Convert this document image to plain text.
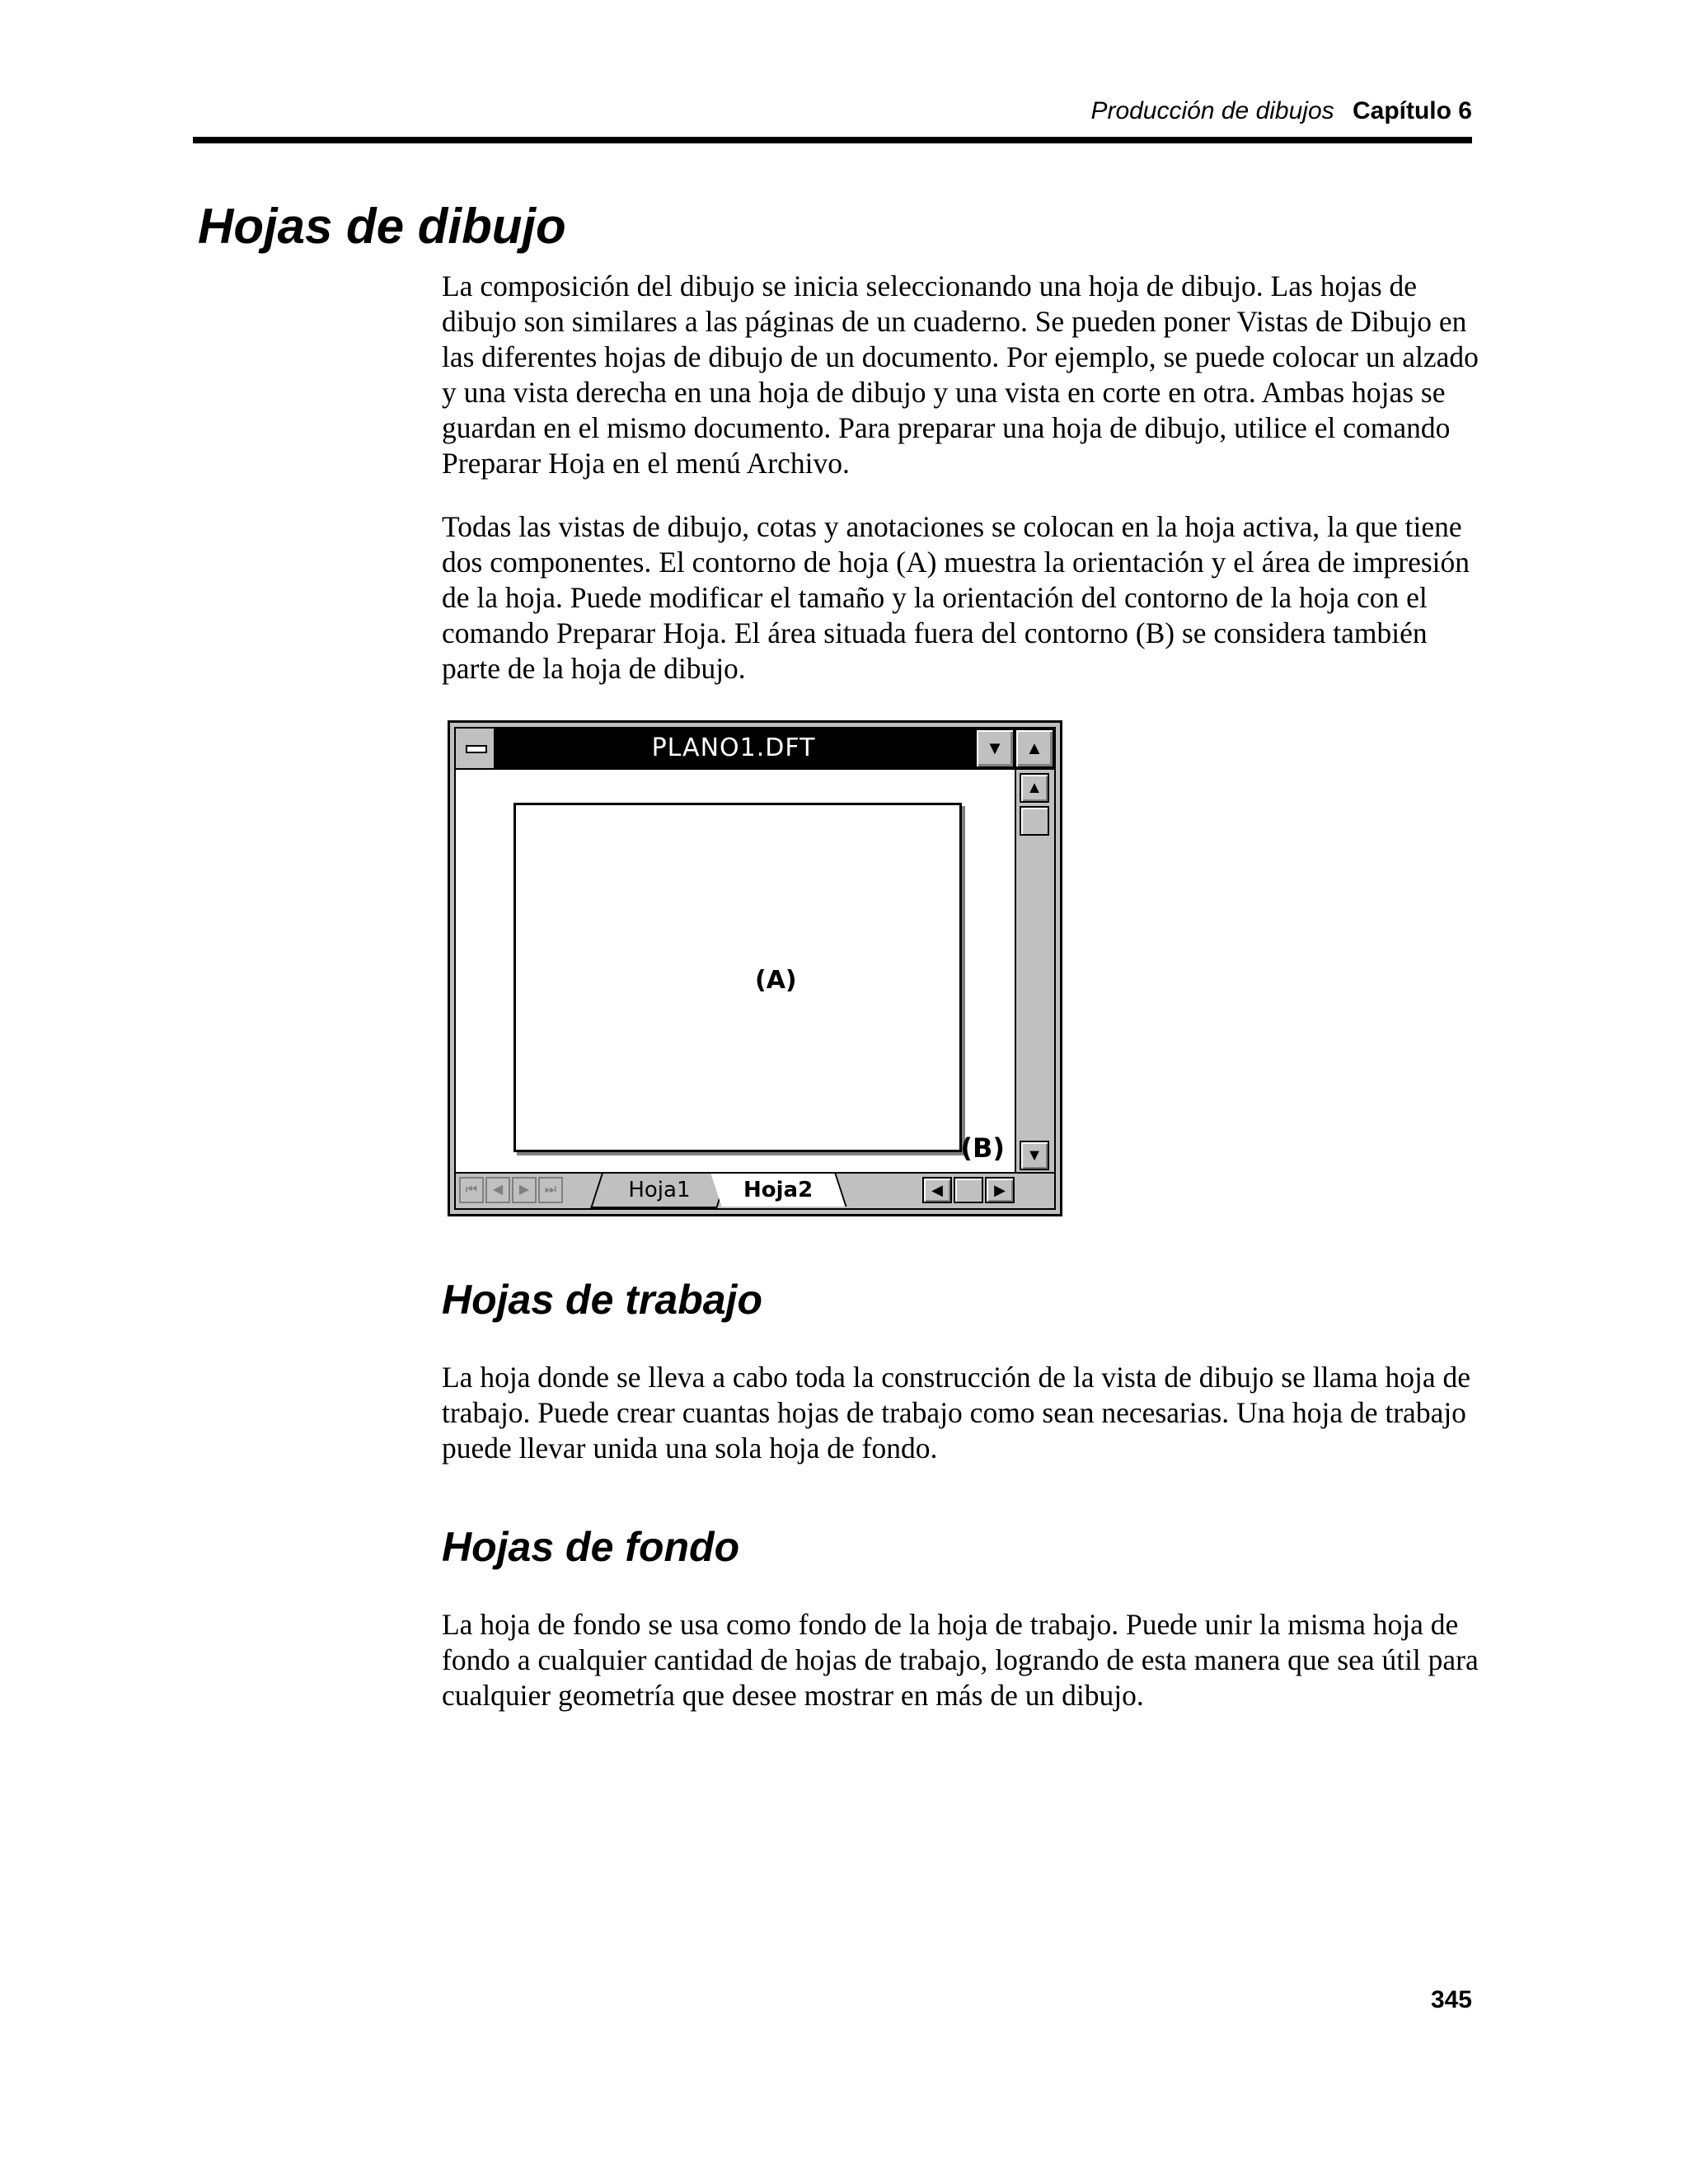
Producción de dibujos Capítulo 6
Hojas de dibujo

La composición del dibujo se inicia seleccionando una hoja de dibujo. Las hojas de dibujo son similares a las páginas de un cuaderno. Se pueden poner Vistas de Dibujo en las diferentes hojas de dibujo de un documento. Por ejemplo, se puede colocar un alzado y una vista derecha en una hoja de dibujo y una vista en corte en otra. Ambas hojas se guardan en el mismo documento. Para preparar una hoja de dibujo, utilice el comando Preparar Hoja en el menú Archivo.

Todas las vistas de dibujo, cotas y anotaciones se colocan en la hoja activa, la que tiene dos componentes. El contorno de hoja (A) muestra la orientación y el área de impresión de la hoja. Puede modificar el tamaño y la orientación del contorno de la hoja con el comando Preparar Hoja. El área situada fuera del contorno (B) se considera también parte de la hoja de dibujo.

PLANO1.DFT	▼	▲
(A)
(B)
▲
▼
⏮	◀	▶	⏭	Hoja1	Hoja2	◀	▶
Hojas de trabajo

La hoja donde se lleva a cabo toda la construcción de la vista de dibujo se llama hoja de trabajo. Puede crear cuantas hojas de trabajo como sean necesarias. Una hoja de trabajo puede llevar unida una sola hoja de fondo.

Hojas de fondo

La hoja de fondo se usa como fondo de la hoja de trabajo. Puede unir la misma hoja de fondo a cualquier cantidad de hojas de trabajo, logrando de esta manera que sea útil para cualquier geometría que desee mostrar en más de un dibujo.

345
